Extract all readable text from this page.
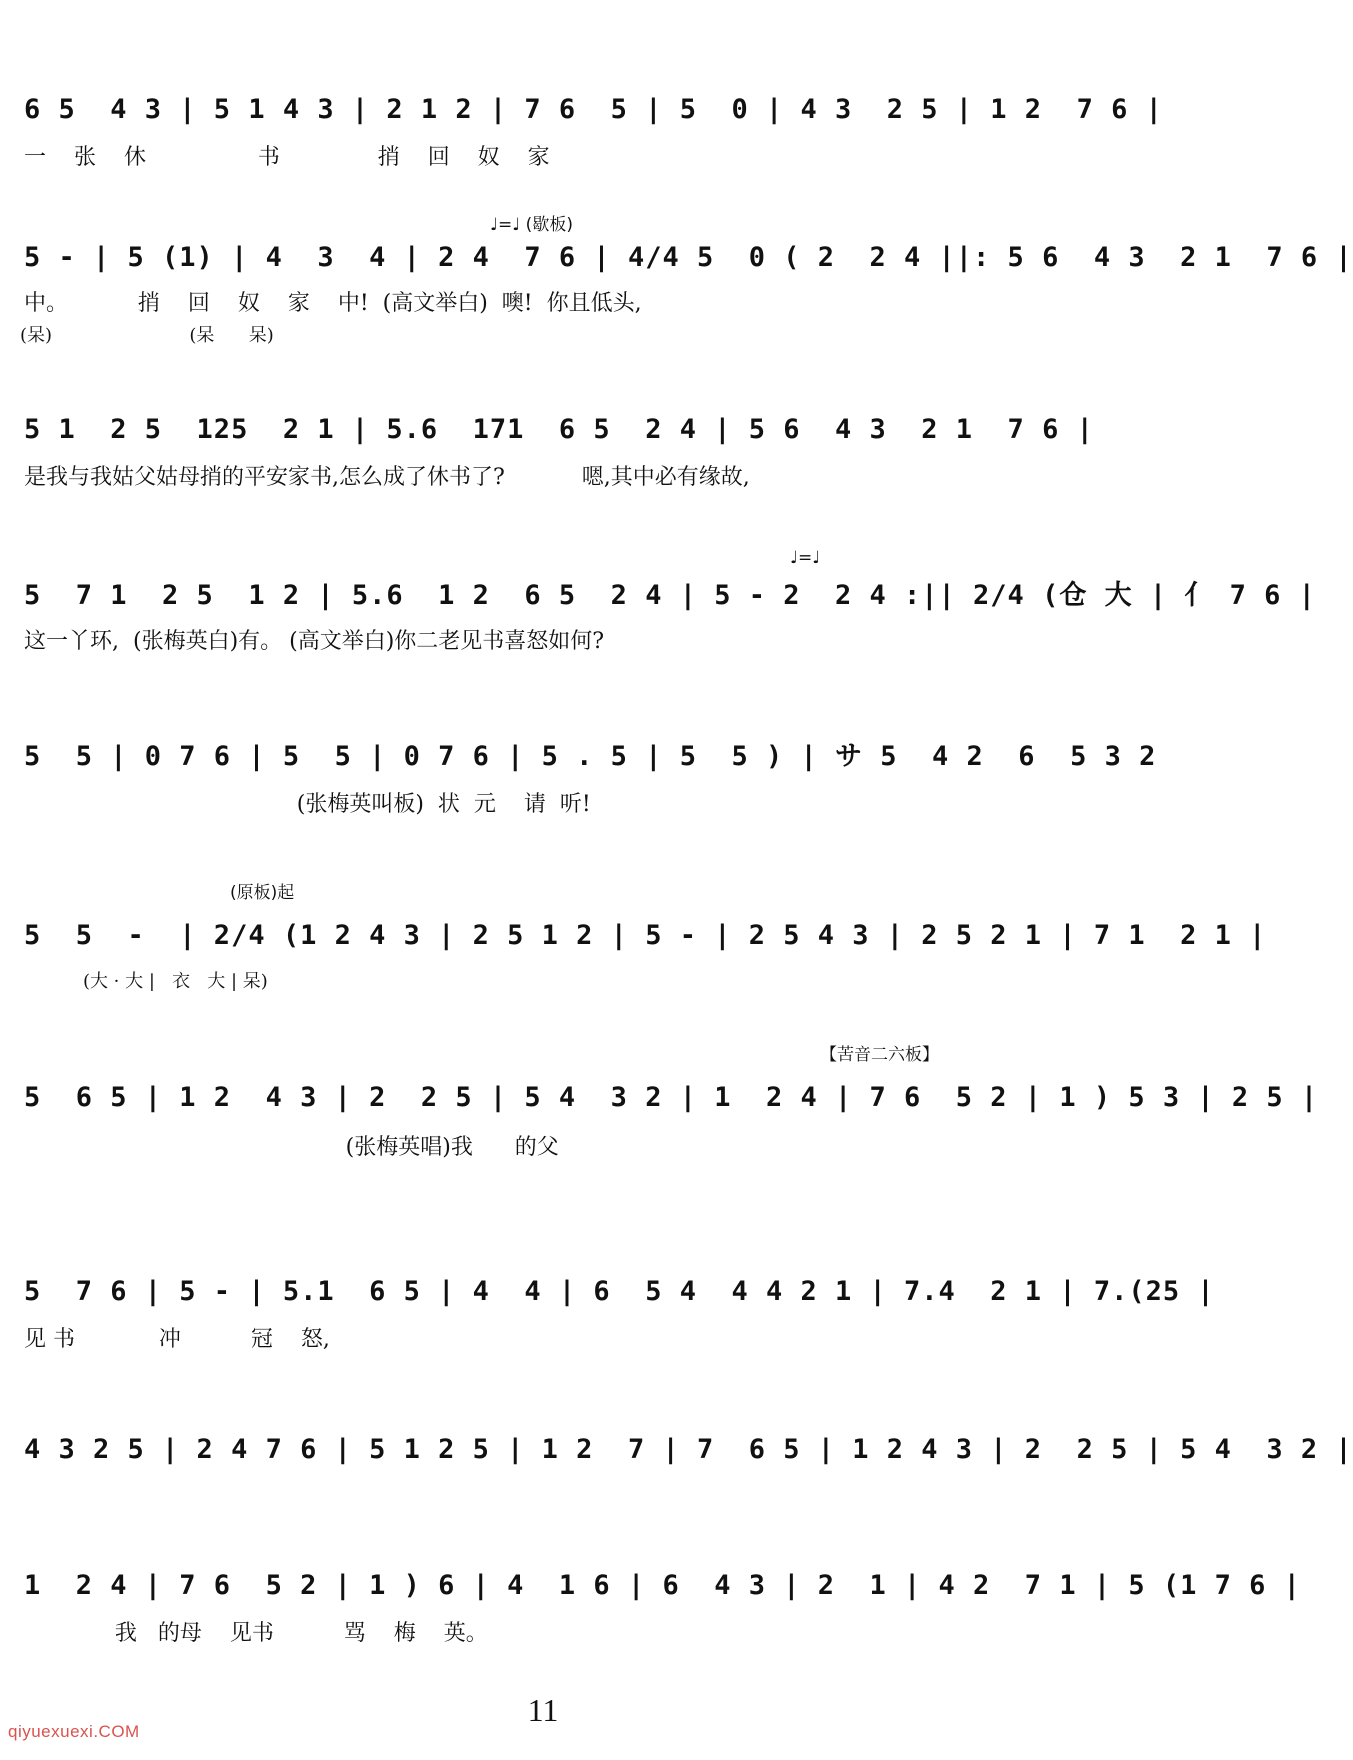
6 5  4 3 | 5 1 4 3 | 2 1 2 | 7 6  5 | 5  0 | 4 3  2 5 | 1 2  7 6 |
一    张    休                书              捎    回    奴    家
♩=♩ (歇板)
5 - | 5 (1) | 4  3  4 | 2 4  7 6 | 4/4 5  0 ( 2  2 4 ||: 5 6  4 3  2 1  7 6 |
中。          捎    回    奴    家    中!  (高文举白)  噢!  你且低头,
(呆)                        (呆      呆)
5 1  2 5  125  2 1 | 5.6  171  6 5  2 4 | 5 6  4 3  2 1  7 6 |
是我与我姑父姑母捎的平安家书,怎么成了休书了?           嗯,其中必有缘故,
♩=♩
5  7 1  2 5  1 2 | 5.6  1 2  6 5  2 4 | 5 - 2  2 4 :|| 2/4 (仓 大 | 亻 7 6 |
这一丫环,  (张梅英白)有。 (高文举白)你二老见书喜怒如何?
5  5 | 0 7 6 | 5  5 | 0 7 6 | 5 . 5 | 5  5 ) | サ 5  4 2  6  5 3 2
(张梅英叫板)  状  元    请  听!
(原板)起
5  5  -  | 2/4 (1 2 4 3 | 2 5 1 2 | 5 - | 2 5 4 3 | 2 5 2 1 | 7 1  2 1 |
(大 · 大 |   衣   大 | 呆)
【苦音二六板】
5  6 5 | 1 2  4 3 | 2  2 5 | 5 4  3 2 | 1  2 4 | 7 6  5 2 | 1 ) 5 3 | 2 5 |
(张梅英唱)我      的父
5  7 6 | 5 - | 5.1  6 5 | 4  4 | 6  5 4  4 4 2 1 | 7.4  2 1 | 7.(25 |
见 书            冲          冠    怒,
4 3 2 5 | 2 4 7 6 | 5 1 2 5 | 1 2  7 | 7  6 5 | 1 2 4 3 | 2  2 5 | 5 4  3 2 |
1  2 4 | 7 6  5 2 | 1 ) 6 | 4  1 6 | 6  4 3 | 2  1 | 4 2  7 1 | 5 (1 7 6 |
我   的母    见书          骂    梅    英。
11
qiyuexuexi.COM
